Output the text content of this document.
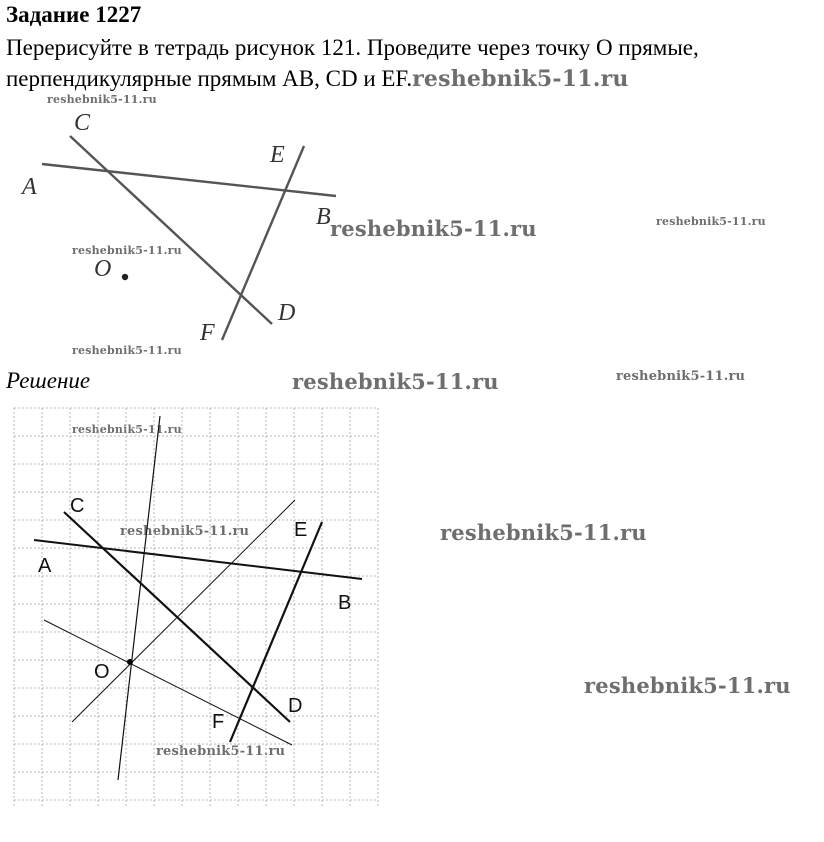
Задание 1227
Перерисуйте в тетрадь рисунок 121. Проведите через точку О прямые, перпендикулярные прямым AB, CD и EF.reshebnik5-11.ru
reshebnik5-11.ru
reshebnik5-11.ru	reshebnik5-11.ru
reshebnik5-11.ru
reshebnik5-11.ru
reshebnik5-11.ru	reshebnik5-11.ru
reshebnik5-11.ru
reshebnik5-11.ru	reshebnik5-11.ru
reshebnik5-11.ru
reshebnik5-11.ru
Решение
A
B
C
D
E
F
O
A
B
C
D
E
F
O
